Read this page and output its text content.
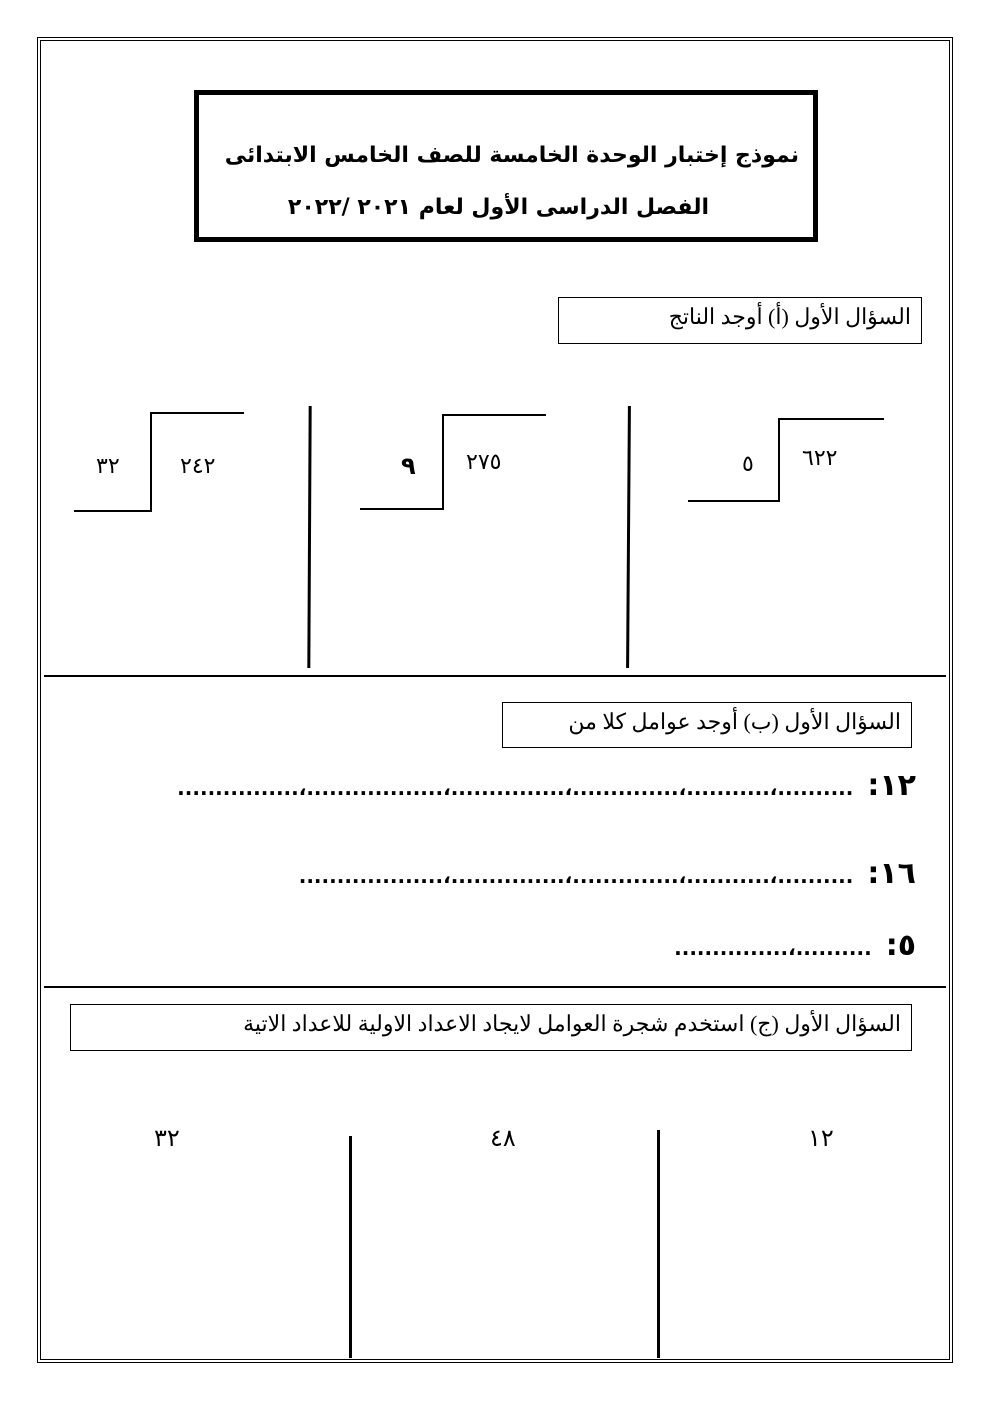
نموذج إختبار الوحدة الخامسة للصف الخامس الابتدائى
الفصل الدراسى الأول لعام ٢٠٢١ /٢٠٢٢
السؤال الأول (أ) أوجد الناتج
٦٢٢
٥
٢٧٥
٩
٢٤٢
٣٢
السؤال الأول (ب) أوجد عوامل كلا من
١٢:..........،...........،..............،...............،..................،................
١٦:..........،...........،..............،...............،...................
٥:..........،...............
السؤال الأول (ج) استخدم شجرة العوامل لايجاد الاعداد الاولية للاعداد الاتية
١٢
٤٨
٣٢
